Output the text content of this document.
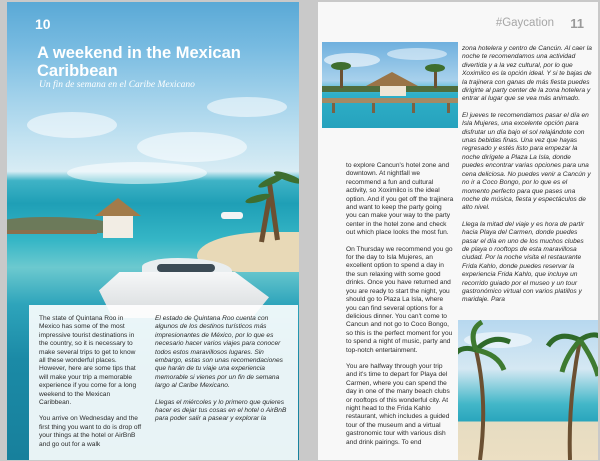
10
A weekend in the Mexican Caribbean
Un fin de semana en el Caribe Mexicano

The state of Quintana Roo in Mexico has some of the most impressive tourist destinations in the country, so it is necessary to make several trips to get to know all these wonderful places. However, here are some tips that will make your trip a memorable experience if you come for a long weekend to the Mexican Caribbean.

You arrive on Wednesday and the first thing you want to do is drop off your things at the hotel or AirBnB and go out for a walk

El estado de Quintana Roo cuenta con algunos de los destinos turísticos más impresionantes de México, por lo que es necesario hacer varios viajes para conocer todos estos maravillosos lugares. Sin embargo, estas son unas recomendaciones que harán de tu viaje una experiencia memorable si vienes por un fin de semana largo al Caribe Mexicano.

Llegas el miércoles y lo primero que quieres hacer es dejar tus cosas en el hotel o AirBnB para poder salir a pasear y explorar la

#Gaycation 11

zona hotelera y centro de Cancún. Al caer la noche te recomendamos una actividad divertida y a la vez cultural, por lo que Xoximilco es la opción ideal. Y si te bajas de la trajinera con ganas de más fiesta puedes dirigirte al party center de la zona hotelera y entrar al lugar que se vea más animado.

El jueves te recomendamos pasar el día en Isla Mujeres, una excelente opción para disfrutar un día bajo el sol relajándote con unas bebidas finas. Una vez que hayas regresado y estés listo para empezar la noche dirígete a Plaza La Isla, donde puedes encontrar varias opciones para una cena deliciosa. No puedes venir a Cancún y no ir a Coco Bongo, por lo que es el momento perfecto para que pases una noche de música, fiesta y espectáculos de alto nivel.

Llega la mitad del viaje y es hora de partir hacia Playa del Carmen, donde puedes pasar el día en uno de los muchos clubes de playa o rooftops de esta maravillosa ciudad. Por la noche visita el restaurante Frida Kahlo, donde puedes reservar la experiencia Frida Kahlo, que incluye un recorrido guiado por el museo y un tour gastronómico virtual con varios platillos y maridaje. Para

to explore Cancun's hotel zone and downtown. At nightfall we recommend a fun and cultural activity, so Xoximilco is the ideal option. And if you get off the trajinera and want to keep the party going you can make your way to the party center in the hotel zone and check out which place looks the most fun.

On Thursday we recommend you go for the day to Isla Mujeres, an excellent option to spend a day in the sun relaxing with some good drinks. Once you have returned and you are ready to start the night, you should go to Plaza La Isla, where you can find several options for a delicious dinner. You can't come to Cancun and not go to Coco Bongo, so this is the perfect moment for you to spend a night of music, party and top-notch entertainment.

You are halfway through your trip and it's time to depart for Playa del Carmen, where you can spend the day in one of the many beach clubs or rooftops of this wonderful city. At night head to the Frida Kahlo restaurant, which includes a guided tour of the museum and a virtual gastronomic tour with various dish and drink pairings. To end
